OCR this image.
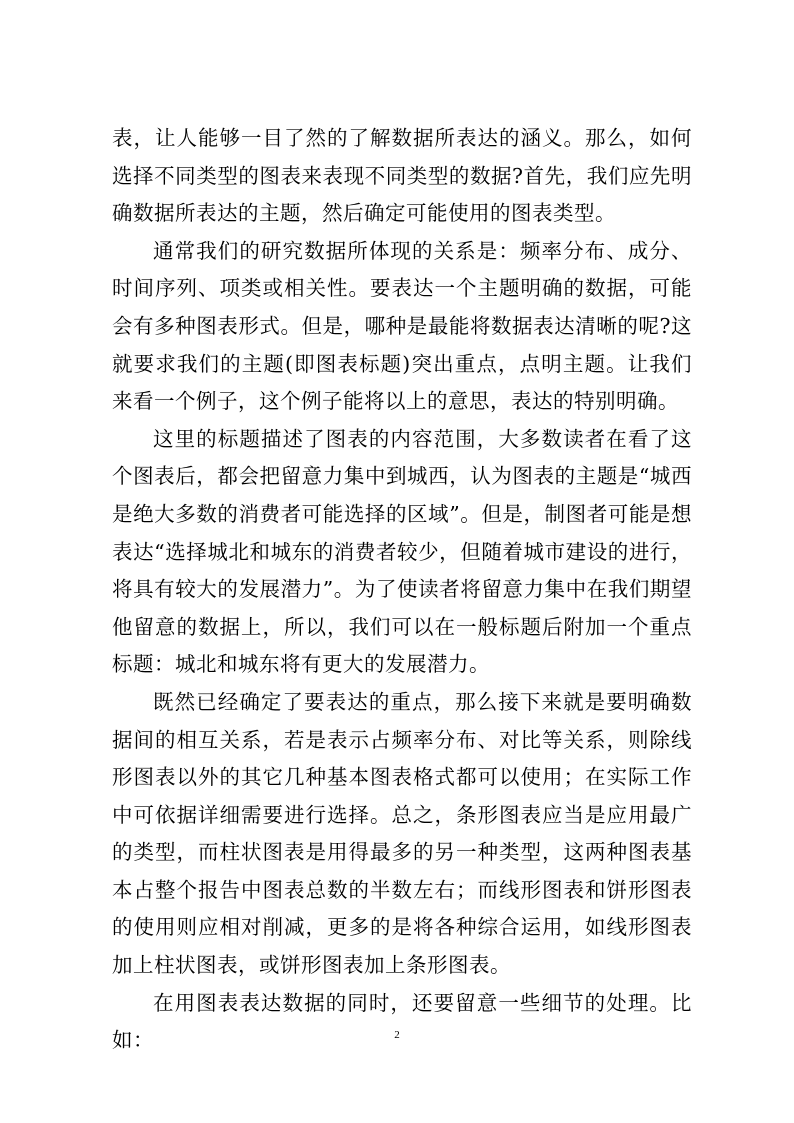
表，让人能够一目了然的了解数据所表达的涵义。那么，如何选择不同类型的图表来表现不同类型的数据?首先，我们应先明确数据所表达的主题，然后确定可能使用的图表类型。

通常我们的研究数据所体现的关系是：频率分布、成分、时间序列、项类或相关性。要表达一个主题明确的数据，可能会有多种图表形式。但是，哪种是最能将数据表达清晰的呢?这就要求我们的主题(即图表标题)突出重点，点明主题。让我们来看一个例子，这个例子能将以上的意思，表达的特别明确。

这里的标题描述了图表的内容范围，大多数读者在看了这个图表后，都会把留意力集中到城西，认为图表的主题是“城西是绝大多数的消费者可能选择的区域”。但是，制图者可能是想表达“选择城北和城东的消费者较少，但随着城市建设的进行，将具有较大的发展潜力”。为了使读者将留意力集中在我们期望他留意的数据上，所以，我们可以在一般标题后附加一个重点标题：城北和城东将有更大的发展潜力。

既然已经确定了要表达的重点，那么接下来就是要明确数据间的相互关系，若是表示占频率分布、对比等关系，则除线形图表以外的其它几种基本图表格式都可以使用；在实际工作中可依据详细需要进行选择。总之，条形图表应当是应用最广的类型，而柱状图表是用得最多的另一种类型，这两种图表基本占整个报告中图表总数的半数左右；而线形图表和饼形图表的使用则应相对削减，更多的是将各种综合运用，如线形图表加上柱状图表，或饼形图表加上条形图表。

在用图表表达数据的同时，还要留意一些细节的处理。比如：	2
